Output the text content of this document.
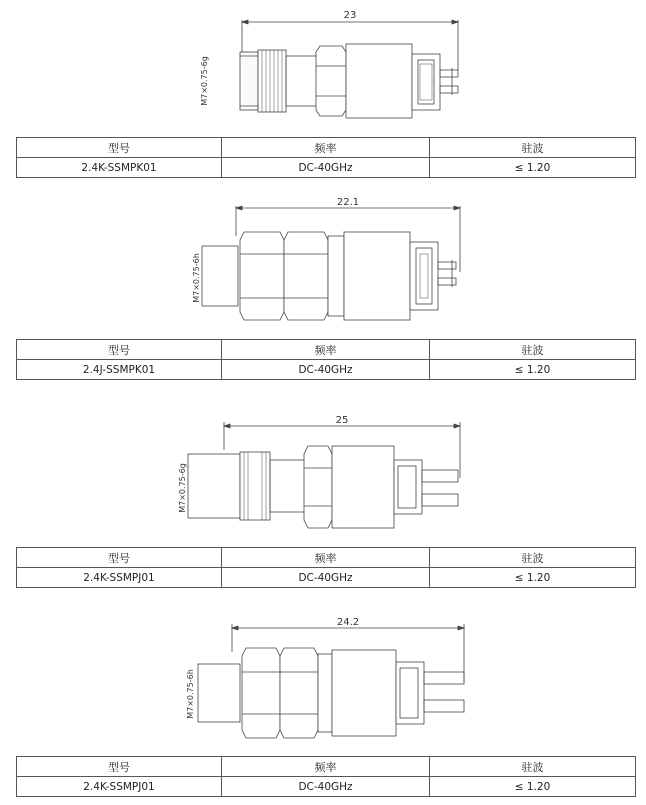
23
M7×0.75-6g
型号	频率	驻波
2.4K-SSMPK01	DC-40GHz	≤ 1.20
22.1
M7×0.75-6h
型号	频率	驻波
2.4J-SSMPK01	DC-40GHz	≤ 1.20
25
M7×0.75-6g
型号	频率	驻波
2.4K-SSMPJ01	DC-40GHz	≤ 1.20
24.2
M7×0.75-6h
型号	频率	驻波
2.4K-SSMPJ01	DC-40GHz	≤ 1.20
